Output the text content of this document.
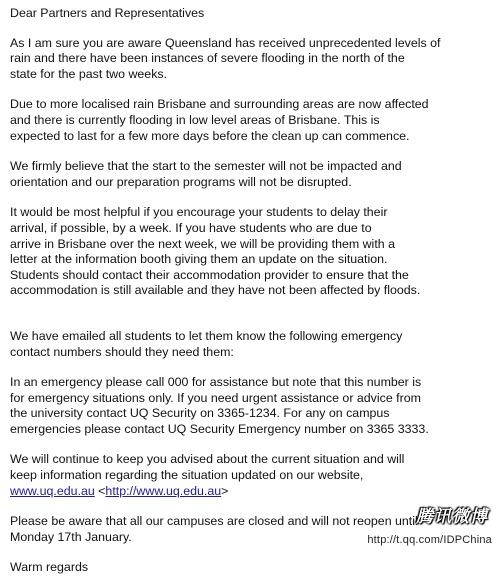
Dear Partners and Representatives

As I am sure you are aware Queensland has received unprecedented levels of
rain and there have been instances of severe flooding in the north of the
state for the past two weeks.

Due to more localised rain Brisbane and surrounding areas are now affected
and there is currently flooding in low level areas of Brisbane. This is
expected to last for a few more days before the clean up can commence.

We firmly believe that the start to the semester will not be impacted and
orientation and our preparation programs will not be disrupted.

It would be most helpful if you encourage your students to delay their
arrival, if possible, by a week. If you have students who are due to
arrive in Brisbane over the next week, we will be providing them with a
letter at the information booth giving them an update on the situation.
Students should contact their accommodation provider to ensure that the
accommodation is still available and they have not been affected by floods.

We have emailed all students to let them know the following emergency
contact numbers should they need them:

In an emergency please call 000 for assistance but note that this number is
for emergency situations only. If you need urgent assistance or advice from
the university contact UQ Security on 3365-1234. For any on campus
emergencies please contact UQ Security Emergency number on 3365 3333.

We will continue to keep you advised about the current situation and will
keep information regarding the situation updated on our website,
www.uq.edu.au <http://www.uq.edu.au>

Please be aware that all our campuses are closed and will not reopen until
Monday 17th January.

Warm regards

腾讯微博
http://t.qq.com/IDPChina
